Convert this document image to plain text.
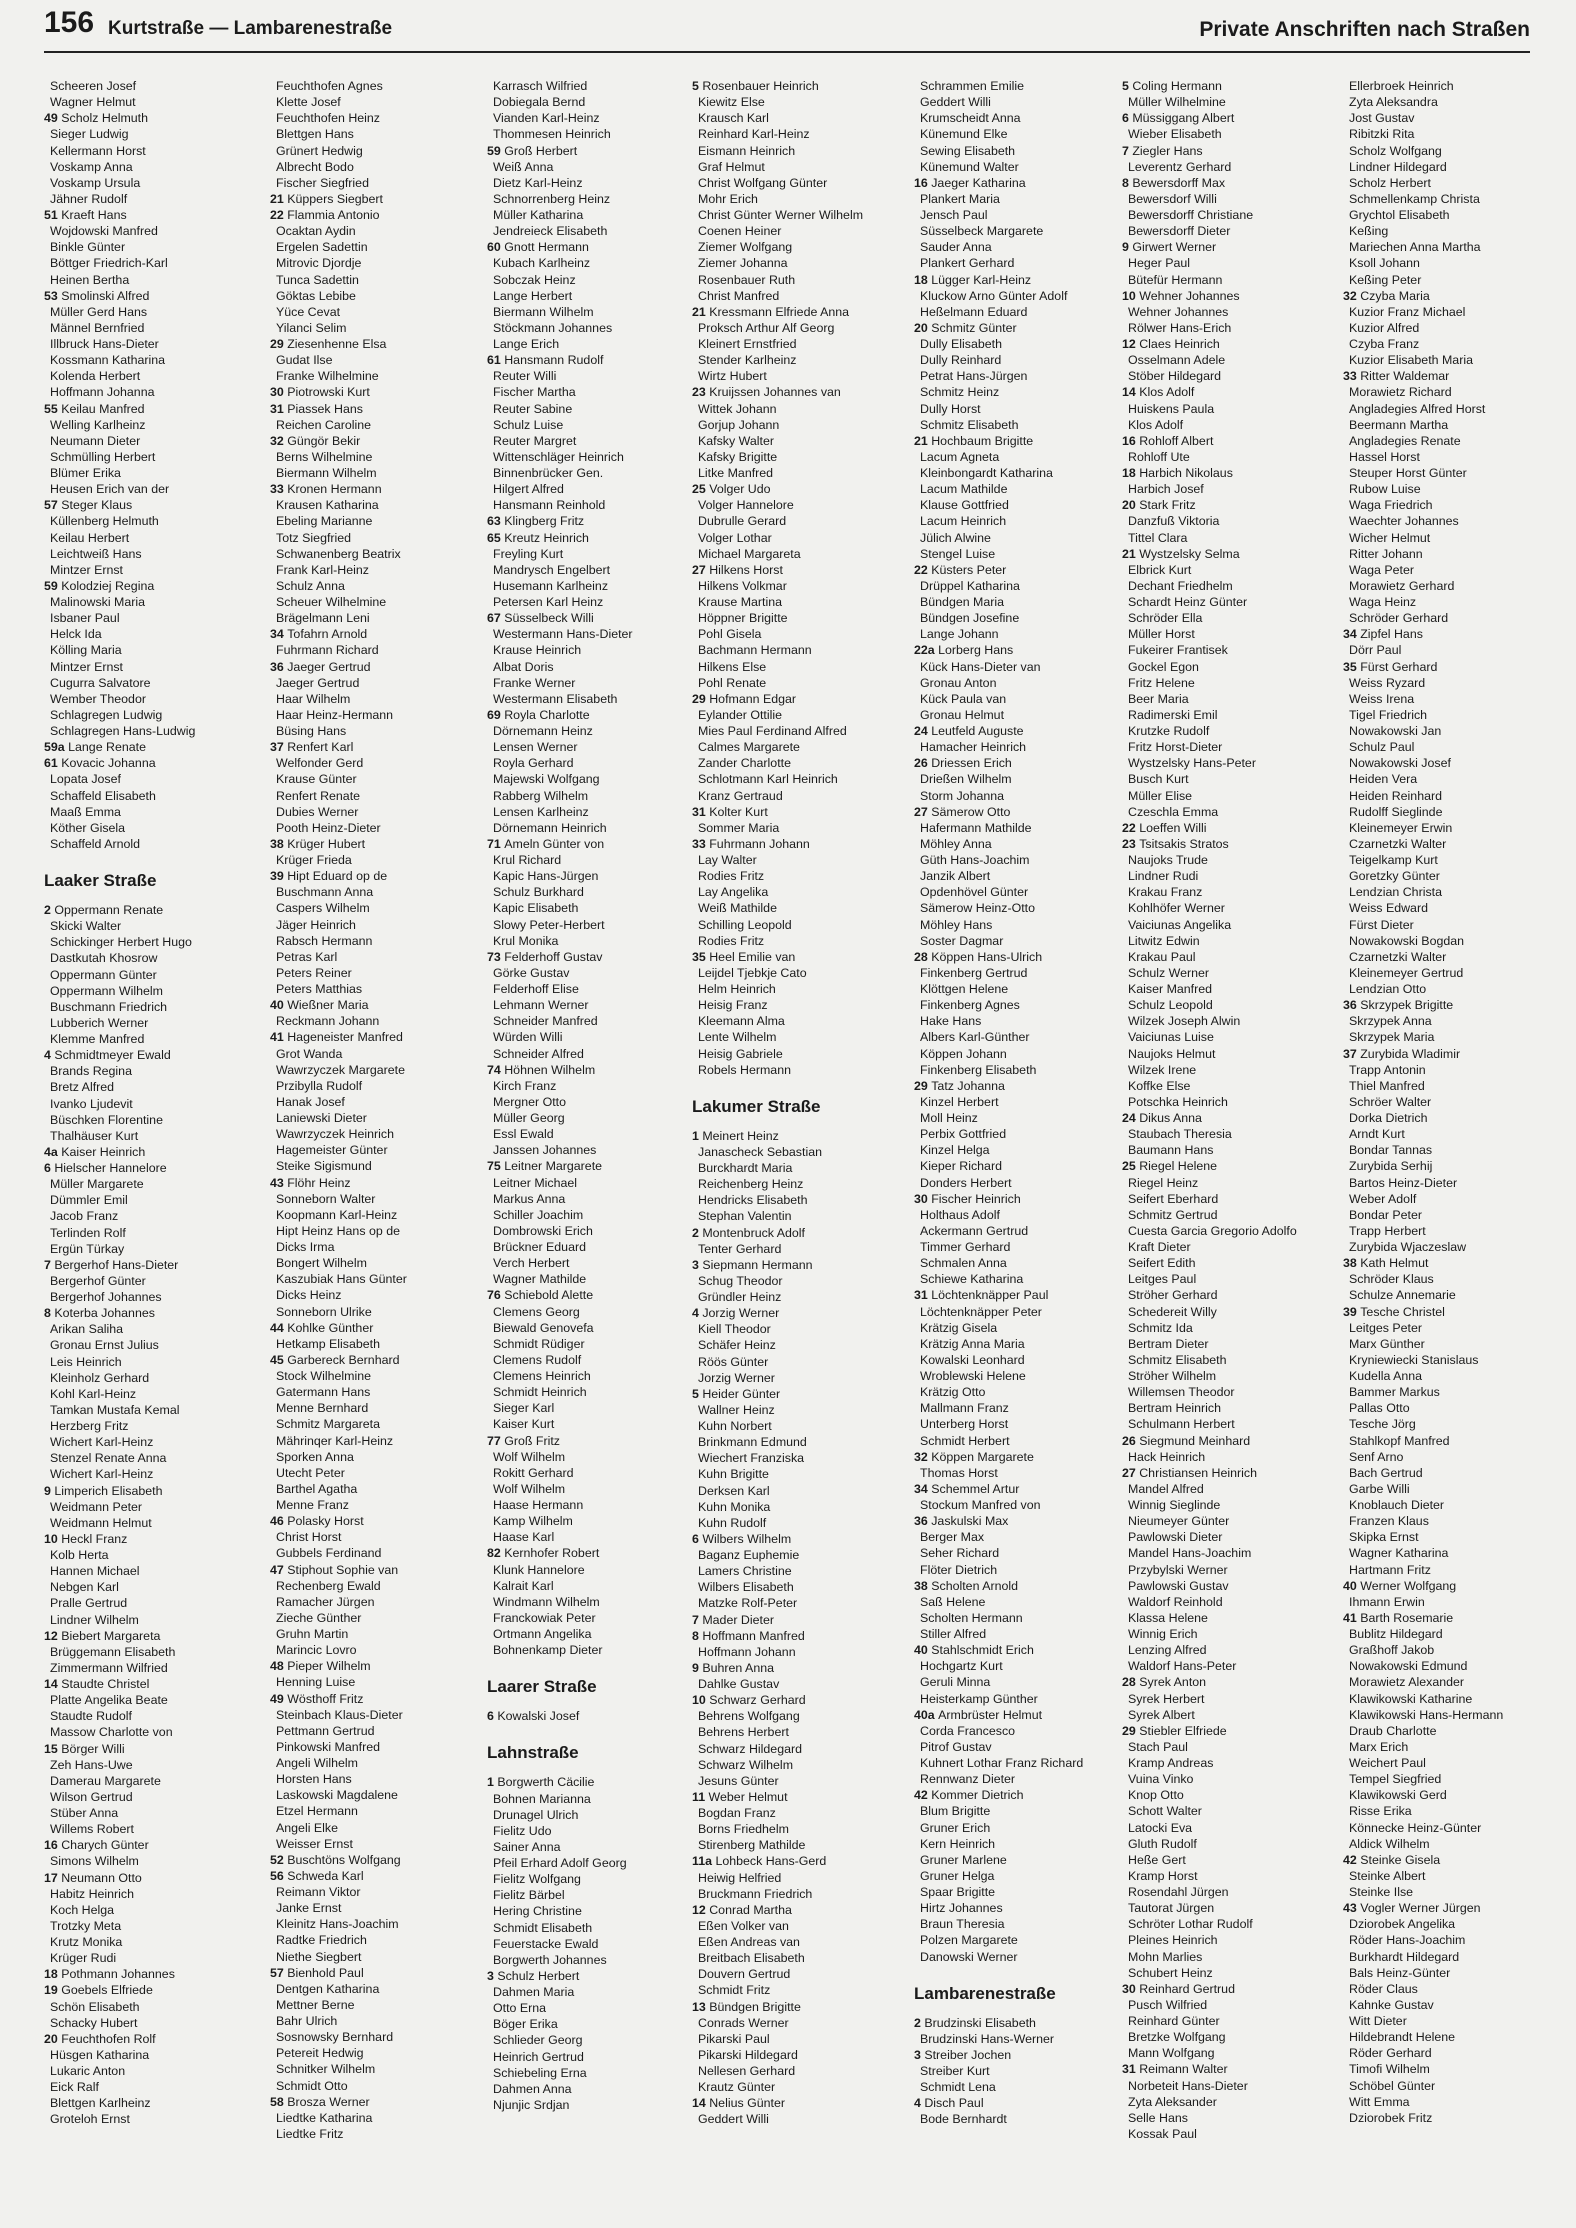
156 Kurtstraße — Lambarenestraße	Private Anschriften nach Straßen
Scheeren Josef
Wagner Helmut
49 Scholz Helmuth
Sieger Ludwig
Kellermann Horst
Voskamp Anna
Voskamp Ursula
Jähner Rudolf
51 Kraeft Hans
Wojdowski Manfred
Binkle Günter
Böttger Friedrich-Karl
Heinen Bertha
53 Smolinski Alfred
Müller Gerd Hans
Männel Bernfried
Illbruck Hans-Dieter
Kossmann Katharina
Kolenda Herbert
Hoffmann Johanna
55 Keilau Manfred
Welling Karlheinz
Neumann Dieter
Schmülling Herbert
Blümer Erika
Heusen Erich van der
57 Steger Klaus
Küllenberg Helmuth
Keilau Herbert
Leichtweiß Hans
Mintzer Ernst
59 Kolodziej Regina
Malinowski Maria
Isbaner Paul
Helck Ida
Kölling Maria
Mintzer Ernst
Cugurra Salvatore
Wember Theodor
Schlagregen Ludwig
Schlagregen Hans-Ludwig
59a Lange Renate
61 Kovacic Johanna
Lopata Josef
Schaffeld Elisabeth
Maaß Emma
Köther Gisela
Schaffeld Arnold
Laaker Straße
2 Oppermann Renate
Skicki Walter
Schickinger Herbert Hugo
Dastkutah Khosrow
Oppermann Günter
Oppermann Wilhelm
Buschmann Friedrich
Lubberich Werner
Klemme Manfred
4 Schmidtmeyer Ewald
Brands Regina
Bretz Alfred
Ivanko Ljudevit
Büschken Florentine
Thalhäuser Kurt
4a Kaiser Heinrich
6 Hielscher Hannelore
Müller Margarete
Dümmler Emil
Jacob Franz
Terlinden Rolf
Ergün Türkay
7 Bergerhof Hans-Dieter
Bergerhof Günter
Bergerhof Johannes
8 Koterba Johannes
Arikan Saliha
Gronau Ernst Julius
Leis Heinrich
Kleinholz Gerhard
Kohl Karl-Heinz
Tamkan Mustafa Kemal
Herzberg Fritz
Wichert Karl-Heinz
Stenzel Renate Anna
Wichert Karl-Heinz
9 Limperich Elisabeth
Weidmann Peter
Weidmann Helmut
10 Heckl Franz
Kolb Herta
Hannen Michael
Nebgen Karl
Pralle Gertrud
Lindner Wilhelm
12 Biebert Margareta
Brüggemann Elisabeth
Zimmermann Wilfried
14 Staudte Christel
Platte Angelika Beate
Staudte Rudolf
Massow Charlotte von
15 Börger Willi
Zeh Hans-Uwe
Damerau Margarete
Wilson Gertrud
Stüber Anna
Willems Robert
16 Charych Günter
Simons Wilhelm
17 Neumann Otto
Habitz Heinrich
Koch Helga
Trotzky Meta
Krutz Monika
Krüger Rudi
18 Pothmann Johannes
19 Goebels Elfriede
Schön Elisabeth
Schacky Hubert
20 Feuchthofen Rolf
Hüsgen Katharina
Lukaric Anton
Eick Ralf
Blettgen Karlheinz
Groteloh Ernst
Feuchthofen Agnes
Klette Josef
Feuchthofen Heinz
Blettgen Hans
Grünert Hedwig
Albrecht Bodo
Fischer Siegfried
21 Küppers Siegbert
22 Flammia Antonio
Ocaktan Aydin
Ergelen Sadettin
Mitrovic Djordje
Tunca Sadettin
Göktas Lebibe
Yüce Cevat
Yilanci Selim
29 Ziesenhenne Elsa
Gudat Ilse
Franke Wilhelmine
30 Piotrowski Kurt
31 Piassek Hans
Reichen Caroline
32 Güngör Bekir
Berns Wilhelmine
Biermann Wilhelm
33 Kronen Hermann
Krausen Katharina
Ebeling Marianne
Totz Siegfried
Schwanenberg Beatrix
Frank Karl-Heinz
Schulz Anna
Scheuer Wilhelmine
Brägelmann Leni
34 Tofahrn Arnold
Fuhrmann Richard
36 Jaeger Gertrud
Jaeger Gertrud
Haar Wilhelm
Haar Heinz-Hermann
Büsing Hans
37 Renfert Karl
Welfonder Gerd
Krause Günter
Renfert Renate
Dubies Werner
Pooth Heinz-Dieter
38 Krüger Hubert
Krüger Frieda
39 Hipt Eduard op de
Buschmann Anna
Caspers Wilhelm
Jäger Heinrich
Rabsch Hermann
Petras Karl
Peters Reiner
Peters Matthias
40 Wießner Maria
Reckmann Johann
41 Hageneister Manfred
Grot Wanda
Wawrzyczek Margarete
Przibylla Rudolf
Hanak Josef
Laniewski Dieter
Wawrzyczek Heinrich
Hagemeister Günter
Steike Sigismund
43 Flöhr Heinz
Sonneborn Walter
Koopmann Karl-Heinz
Hipt Heinz Hans op de
Dicks Irma
Bongert Wilhelm
Kaszubiak Hans Günter
Dicks Heinz
Sonneborn Ulrike
44 Kohlke Günther
Hetkamp Elisabeth
45 Garbereck Bernhard
Stock Wilhelmine
Gatermann Hans
Menne Bernhard
Schmitz Margareta
Mährinqer Karl-Heinz
Sporken Anna
Utecht Peter
Barthel Agatha
Menne Franz
46 Polasky Horst
Christ Horst
Gubbels Ferdinand
47 Stiphout Sophie van
Rechenberg Ewald
Ramacher Jürgen
Zieche Günther
Gruhn Martin
Marincic Lovro
48 Pieper Wilhelm
Henning Luise
49 Wösthoff Fritz
Steinbach Klaus-Dieter
Pettmann Gertrud
Pinkowski Manfred
Angeli Wilhelm
Horsten Hans
Laskowski Magdalene
Etzel Hermann
Angeli Elke
Weisser Ernst
52 Buschtöns Wolfgang
56 Schweda Karl
Reimann Viktor
Janke Ernst
Kleinitz Hans-Joachim
Radtke Friedrich
Niethe Siegbert
57 Bienhold Paul
Dentgen Katharina
Mettner Berne
Bahr Ulrich
Sosnowsky Bernhard
Petereit Hedwig
Schnitker Wilhelm
Schmidt Otto
58 Brosza Werner
Liedtke Katharina
Liedtke Fritz
Karrasch Wilfried
Dobiegala Bernd
Vianden Karl-Heinz
Thommesen Heinrich
59 Groß Herbert
Weiß Anna
Dietz Karl-Heinz
Schnorrenberg Heinz
Müller Katharina
Jendreieck Elisabeth
60 Gnott Hermann
Kubach Karlheinz
Sobczak Heinz
Lange Herbert
Biermann Wilhelm
Stöckmann Johannes
Lange Erich
61 Hansmann Rudolf
Reuter Willi
Fischer Martha
Reuter Sabine
Schulz Luise
Reuter Margret
Wittenschläger Heinrich
Binnenbrücker Gen.
Hilgert Alfred
Hansmann Reinhold
63 Klingberg Fritz
65 Kreutz Heinrich
Freyling Kurt
Mandrysch Engelbert
Husemann Karlheinz
Petersen Karl Heinz
67 Süsselbeck Willi
Westermann Hans-Dieter
Krause Heinrich
Albat Doris
Franke Werner
Westermann Elisabeth
69 Royla Charlotte
Dörnemann Heinz
Lensen Werner
Royla Gerhard
Majewski Wolfgang
Rabberg Wilhelm
Lensen Karlheinz
Dörnemann Heinrich
71 Ameln Günter von
Krul Richard
Kapic Hans-Jürgen
Schulz Burkhard
Kapic Elisabeth
Slowy Peter-Herbert
Krul Monika
73 Felderhoff Gustav
Görke Gustav
Felderhoff Elise
Lehmann Werner
Schneider Manfred
Würden Willi
Schneider Alfred
74 Höhnen Wilhelm
Kirch Franz
Mergner Otto
Müller Georg
Essl Ewald
Janssen Johannes
75 Leitner Margarete
Leitner Michael
Markus Anna
Schiller Joachim
Dombrowski Erich
Brückner Eduard
Verch Herbert
Wagner Mathilde
76 Schiebold Alette
Clemens Georg
Biewald Genovefa
Schmidt Rüdiger
Clemens Rudolf
Clemens Heinrich
Schmidt Heinrich
Sieger Karl
Kaiser Kurt
77 Groß Fritz
Wolf Wilhelm
Rokitt Gerhard
Wolf Wilhelm
Haase Hermann
Kamp Wilhelm
Haase Karl
82 Kernhofer Robert
Klunk Hannelore
Kalrait Karl
Windmann Wilhelm
Franckowiak Peter
Ortmann Angelika
Bohnenkamp Dieter
Laarer Straße
6 Kowalski Josef
Lahnstraße
1 Borgwerth Cäcilie
Bohnen Marianna
Drunagel Ulrich
Fielitz Udo
Sainer Anna
Pfeil Erhard Adolf Georg
Fielitz Wolfgang
Fielitz Bärbel
Hering Christine
Schmidt Elisabeth
Feuerstacke Ewald
Borgwerth Johannes
3 Schulz Herbert
Dahmen Maria
Otto Erna
Böger Erika
Schlieder Georg
Heinrich Gertrud
Schiebeling Erna
Dahmen Anna
Njunjic Srdjan
5 Rosenbauer Heinrich
Kiewitz Else
Krausch Karl
Reinhard Karl-Heinz
Eismann Heinrich
Graf Helmut
Christ Wolfgang Günter
Mohr Erich
Christ Günter Werner Wilhelm
Coenen Heiner
Ziemer Wolfgang
Ziemer Johanna
Rosenbauer Ruth
Christ Manfred
21 Kressmann Elfriede Anna
Proksch Arthur Alf Georg
Kleinert Ernstfried
Stender Karlheinz
Wirtz Hubert
23 Kruijssen Johannes van
Wittek Johann
Gorjup Johann
Kafsky Walter
Kafsky Brigitte
Litke Manfred
25 Volger Udo
Volger Hannelore
Dubrulle Gerard
Volger Lothar
Michael Margareta
27 Hilkens Horst
Hilkens Volkmar
Krause Martina
Höppner Brigitte
Pohl Gisela
Bachmann Hermann
Hilkens Else
Pohl Renate
29 Hofmann Edgar
Eylander Ottilie
Mies Paul Ferdinand Alfred
Calmes Margarete
Zander Charlotte
Schlotmann Karl Heinrich
Kranz Gertraud
31 Kolter Kurt
Sommer Maria
33 Fuhrmann Johann
Lay Walter
Rodies Fritz
Lay Angelika
Weiß Mathilde
Schilling Leopold
Rodies Fritz
35 Heel Emilie van
Leijdel Tjebkje Cato
Helm Heinrich
Heisig Franz
Kleemann Alma
Lente Wilhelm
Heisig Gabriele
Robels Hermann
Lakumer Straße
1 Meinert Heinz
Janascheck Sebastian
Burckhardt Maria
Reichenberg Heinz
Hendricks Elisabeth
Stephan Valentin
2 Montenbruck Adolf
Tenter Gerhard
3 Siepmann Hermann
Schug Theodor
Gründler Heinz
4 Jorzig Werner
Kiell Theodor
Schäfer Heinz
Röös Günter
Jorzig Werner
5 Heider Günter
Wallner Heinz
Kuhn Norbert
Brinkmann Edmund
Wiechert Franziska
Kuhn Brigitte
Derksen Karl
Kuhn Monika
Kuhn Rudolf
6 Wilbers Wilhelm
Baganz Euphemie
Lamers Christine
Wilbers Elisabeth
Matzke Rolf-Peter
7 Mader Dieter
8 Hoffmann Manfred
Hoffmann Johann
9 Buhren Anna
Dahlke Gustav
10 Schwarz Gerhard
Behrens Wolfgang
Behrens Herbert
Schwarz Hildegard
Schwarz Wilhelm
Jesuns Günter
11 Weber Helmut
Bogdan Franz
Borns Friedhelm
Stirenberg Mathilde
11a Lohbeck Hans-Gerd
Heiwig Helfried
Bruckmann Friedrich
12 Conrad Martha
Eßen Volker van
Eßen Andreas van
Breitbach Elisabeth
Douvern Gertrud
Schmidt Fritz
13 Bündgen Brigitte
Conrads Werner
Pikarski Paul
Pikarski Hildegard
Nellesen Gerhard
Krautz Günter
14 Nelius Günter
Geddert Willi
Schrammen Emilie
Geddert Willi
Krumscheidt Anna
Künemund Elke
Sewing Elisabeth
Künemund Walter
16 Jaeger Katharina
Plankert Maria
Jensch Paul
Süsselbeck Margarete
Sauder Anna
Plankert Gerhard
18 Lügger Karl-Heinz
Kluckow Arno Günter Adolf
Heßelmann Eduard
20 Schmitz Günter
Dully Elisabeth
Dully Reinhard
Petrat Hans-Jürgen
Schmitz Heinz
Dully Horst
Schmitz Elisabeth
21 Hochbaum Brigitte
Lacum Agneta
Kleinbongardt Katharina
Lacum Mathilde
Klause Gottfried
Lacum Heinrich
Jülich Alwine
Stengel Luise
22 Küsters Peter
Drüppel Katharina
Bündgen Maria
Bündgen Josefine
Lange Johann
22a Lorberg Hans
Kück Hans-Dieter van
Gronau Anton
Kück Paula van
Gronau Helmut
24 Leutfeld Auguste
Hamacher Heinrich
26 Driessen Erich
Drießen Wilhelm
Storm Johanna
27 Sämerow Otto
Hafermann Mathilde
Möhley Anna
Güth Hans-Joachim
Janzik Albert
Opdenhövel Günter
Sämerow Heinz-Otto
Möhley Hans
Soster Dagmar
28 Köppen Hans-Ulrich
Finkenberg Gertrud
Klöttgen Helene
Finkenberg Agnes
Hake Hans
Albers Karl-Günther
Köppen Johann
Finkenberg Elisabeth
29 Tatz Johanna
Kinzel Herbert
Moll Heinz
Perbix Gottfried
Kinzel Helga
Kieper Richard
Donders Herbert
30 Fischer Heinrich
Holthaus Adolf
Ackermann Gertrud
Timmer Gerhard
Schmalen Anna
Schiewe Katharina
31 Löchtenknäpper Paul
Löchtenknäpper Peter
Krätzig Gisela
Krätzig Anna Maria
Kowalski Leonhard
Wroblewski Helene
Krätzig Otto
Mallmann Franz
Unterberg Horst
Schmidt Herbert
32 Köppen Margarete
Thomas Horst
34 Schemmel Artur
Stockum Manfred von
36 Jaskulski Max
Berger Max
Seher Richard
Flöter Dietrich
38 Scholten Arnold
Saß Helene
Scholten Hermann
Stiller Alfred
40 Stahlschmidt Erich
Hochgartz Kurt
Geruli Minna
Heisterkamp Günther
40a Armbrüster Helmut
Corda Francesco
Pitrof Gustav
Kuhnert Lothar Franz Richard
Rennwanz Dieter
42 Kommer Dietrich
Blum Brigitte
Gruner Erich
Kern Heinrich
Gruner Marlene
Gruner Helga
Spaar Brigitte
Hirtz Johannes
Braun Theresia
Polzen Margarete
Danowski Werner
Lambarenestraße
2 Brudzinski Elisabeth
Brudzinski Hans-Werner
3 Streiber Jochen
Streiber Kurt
Schmidt Lena
4 Disch Paul
Bode Bernhardt
5 Coling Hermann
Müller Wilhelmine
6 Müssiggang Albert
Wieber Elisabeth
7 Ziegler Hans
Leverentz Gerhard
8 Bewersdorff Max
Bewersdorf Willi
Bewersdorff Christiane
Bewersdorff Dieter
9 Girwert Werner
Heger Paul
Bütefür Hermann
10 Wehner Johannes
Wehner Johannes
Rölwer Hans-Erich
12 Claes Heinrich
Osselmann Adele
Stöber Hildegard
14 Klos Adolf
Huiskens Paula
Klos Adolf
16 Rohloff Albert
Rohloff Ute
18 Harbich Nikolaus
Harbich Josef
20 Stark Fritz
Danzfuß Viktoria
Tittel Clara
21 Wystzelsky Selma
Elbrick Kurt
Dechant Friedhelm
Schardt Heinz Günter
Schröder Ella
Müller Horst
Fukeirer Frantisek
Gockel Egon
Fritz Helene
Beer Maria
Radimerski Emil
Krutzke Rudolf
Fritz Horst-Dieter
Wystzelsky Hans-Peter
Busch Kurt
Müller Elise
Czeschla Emma
22 Loeffen Willi
23 Tsitsakis Stratos
Naujoks Trude
Lindner Rudi
Krakau Franz
Kohlhöfer Werner
Vaiciunas Angelika
Litwitz Edwin
Krakau Paul
Schulz Werner
Kaiser Manfred
Schulz Leopold
Wilzek Joseph Alwin
Vaiciunas Luise
Naujoks Helmut
Wilzek Irene
Koffke Else
Potschka Heinrich
24 Dikus Anna
Staubach Theresia
Baumann Hans
25 Riegel Helene
Riegel Heinz
Seifert Eberhard
Schmitz Gertrud
Cuesta Garcia Gregorio Adolfo
Kraft Dieter
Seifert Edith
Leitges Paul
Ströher Gerhard
Schedereit Willy
Schmitz Ida
Bertram Dieter
Schmitz Elisabeth
Ströher Wilhelm
Willemsen Theodor
Bertram Heinrich
Schulmann Herbert
26 Siegmund Meinhard
Hack Heinrich
27 Christiansen Heinrich
Mandel Alfred
Winnig Sieglinde
Nieumeyer Günter
Pawlowski Dieter
Mandel Hans-Joachim
Przybylski Werner
Pawlowski Gustav
Waldorf Reinhold
Klassa Helene
Winnig Erich
Lenzing Alfred
Waldorf Hans-Peter
28 Syrek Anton
Syrek Herbert
Syrek Albert
29 Stiebler Elfriede
Stach Paul
Kramp Andreas
Vuina Vinko
Knop Otto
Schott Walter
Latocki Eva
Gluth Rudolf
Heße Gert
Kramp Horst
Rosendahl Jürgen
Tautorat Jürgen
Schröter Lothar Rudolf
Pleines Heinrich
Mohn Marlies
Schubert Heinz
30 Reinhard Gertrud
Pusch Wilfried
Reinhard Günter
Bretzke Wolfgang
Mann Wolfgang
31 Reimann Walter
Norbeteit Hans-Dieter
Zyta Aleksander
Selle Hans
Kossak Paul
Ellerbroek Heinrich
Zyta Aleksandra
Jost Gustav
Ribitzki Rita
Scholz Wolfgang
Lindner Hildegard
Scholz Herbert
Schmellenkamp Christa
Grychtol Elisabeth
Keßing
Mariechen Anna Martha
Ksoll Johann
Keßing Peter
32 Czyba Maria
Kuzior Franz Michael
Kuzior Alfred
Czyba Franz
Kuzior Elisabeth Maria
33 Ritter Waldemar
Morawietz Richard
Angladegies Alfred Horst
Beermann Martha
Angladegies Renate
Hassel Horst
Steuper Horst Günter
Rubow Luise
Waga Friedrich
Waechter Johannes
Wicher Helmut
Ritter Johann
Waga Peter
Morawietz Gerhard
Waga Heinz
Schröder Gerhard
34 Zipfel Hans
Dörr Paul
35 Fürst Gerhard
Weiss Ryzard
Weiss Irena
Tigel Friedrich
Nowakowski Jan
Schulz Paul
Nowakowski Josef
Heiden Vera
Heiden Reinhard
Rudolff Sieglinde
Kleinemeyer Erwin
Czarnetzki Walter
Teigelkamp Kurt
Goretzky Günter
Lendzian Christa
Weiss Edward
Fürst Dieter
Nowakowski Bogdan
Czarnetzki Walter
Kleinemeyer Gertrud
Lendzian Otto
36 Skrzypek Brigitte
Skrzypek Anna
Skrzypek Maria
37 Zurybida Wladimir
Trapp Antonin
Thiel Manfred
Schröer Walter
Dorka Dietrich
Arndt Kurt
Bondar Tannas
Zurybida Serhij
Bartos Heinz-Dieter
Weber Adolf
Bondar Peter
Trapp Herbert
Zurybida Wjaczeslaw
38 Kath Helmut
Schröder Klaus
Schulze Annemarie
39 Tesche Christel
Leitges Peter
Marx Günther
Kryniewiecki Stanislaus
Kudella Anna
Bammer Markus
Pallas Otto
Tesche Jörg
Stahlkopf Manfred
Senf Arno
Bach Gertrud
Garbe Willi
Knoblauch Dieter
Franzen Klaus
Skipka Ernst
Wagner Katharina
Hartmann Fritz
40 Werner Wolfgang
Ihmann Erwin
41 Barth Rosemarie
Bublitz Hildegard
Graßhoff Jakob
Nowakowski Edmund
Morawietz Alexander
Klawikowski Katharine
Klawikowski Hans-Hermann
Draub Charlotte
Marx Erich
Weichert Paul
Tempel Siegfried
Klawikowski Gerd
Risse Erika
Könnecke Heinz-Günter
Aldick Wilhelm
42 Steinke Gisela
Steinke Albert
Steinke Ilse
43 Vogler Werner Jürgen
Dziorobek Angelika
Röder Hans-Joachim
Burkhardt Hildegard
Bals Heinz-Günter
Röder Claus
Kahnke Gustav
Witt Dieter
Hildebrandt Helene
Röder Gerhard
Timofi Wilhelm
Schöbel Günter
Witt Emma
Dziorobek Fritz
